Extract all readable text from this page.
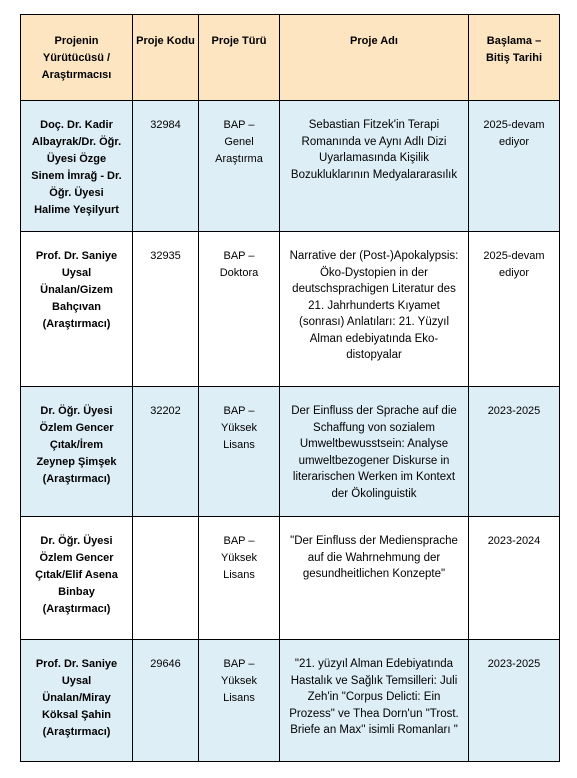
Projenin Yürütücüsü / Araştırmacısı	Proje Kodu	Proje Türü	Proje Adı	Başlama – Bitiş Tarihi
Doç. Dr. Kadir Albayrak/Dr. Öğr. Üyesi Özge Sinem İmrağ - Dr. Öğr. Üyesi Halime Yeşilyurt	32984	BAP – Genel Araştırma	Sebastian Fitzek'in Terapi Romanında ve Aynı Adlı Dizi Uyarlamasında Kişilik Bozukluklarının Medyalararasılık	2025-devam ediyor
Prof. Dr. Saniye Uysal Ünalan/Gizem Bahçıvan (Araştırmacı)	32935	BAP – Doktora	Narrative der (Post-)Apokalypsis: Öko-Dystopien in der deutschsprachigen Literatur des 21. Jahrhunderts Kıyamet (sonrası) Anlatıları: 21. Yüzyıl Alman edebiyatında Eko-distopyalar	2025-devam ediyor
Dr. Öğr. Üyesi Özlem Gencer Çıtak/İrem Zeynep Şimşek (Araştırmacı)	32202	BAP – Yüksek Lisans	Der Einfluss der Sprache auf die Schaffung von sozialem Umweltbewusstsein: Analyse umweltbezogener Diskurse in literarischen Werken im Kontext der Ökolinguistik	2023-2025
Dr. Öğr. Üyesi Özlem Gencer Çıtak/Elif Asena Binbay (Araştırmacı)		BAP – Yüksek Lisans	"Der Einfluss der Mediensprache auf die Wahrnehmung der gesundheitlichen Konzepte"	2023-2024
Prof. Dr. Saniye Uysal Ünalan/Miray Köksal Şahin (Araştırmacı)	29646	BAP – Yüksek Lisans	"21. yüzyıl Alman Edebiyatında Hastalık ve Sağlık Temsilleri: Juli Zeh'in "Corpus Delicti: Ein Prozess" ve Thea Dorn'un "Trost. Briefe an Max'' isimli Romanları "	2023-2025
